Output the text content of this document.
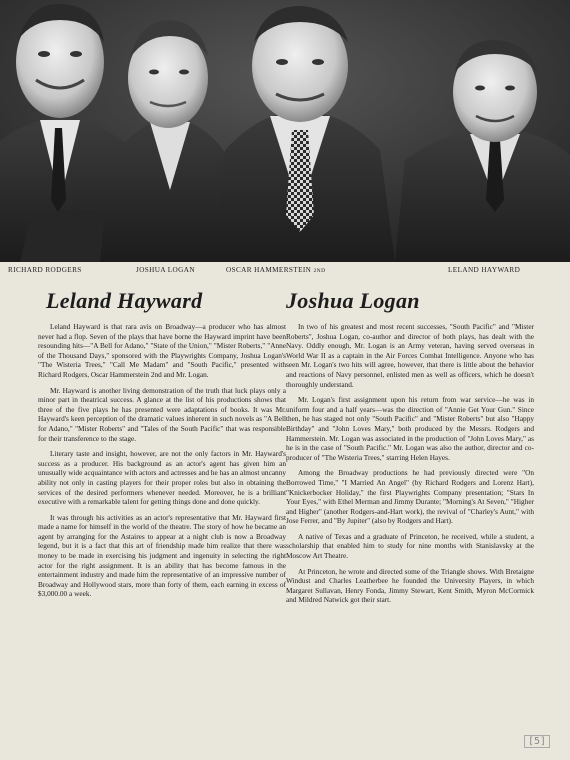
RICHARD RODGERS	JOSHUA LOGAN	OSCAR HAMMERSTEIN 2ND	LELAND HAYWARD
Leland Hayward

Leland Hayward is that rara avis on Broadway—a producer who has almost never had a flop. Seven of the plays that have borne the Hayward imprint have been resounding hits—"A Bell for Adano," "State of the Union," "Mister Roberts," "Anne of the Thousand Days," sponsored with the Playwrights Company, Joshua Logan's "The Wisteria Trees," "Call Me Madam" and "South Pacific," presented with Richard Rodgers, Oscar Hammerstein 2nd and Mr. Logan.

Mr. Hayward is another living demonstration of the truth that luck plays only a minor part in theatrical success. A glance at the list of his productions shows that three of the five plays he has presented were adaptations of books. It was Mr. Hayward's keen perception of the dramatic values inherent in such novels as "A Bell for Adano," "Mister Roberts" and "Tales of the South Pacific" that was responsible for their transference to the stage.

Literary taste and insight, however, are not the only factors in Mr. Hayward's success as a producer. His background as an actor's agent has given him an unusually wide acquaintance with actors and actresses and he has an almost uncanny ability not only in casting players for their proper roles but also in obtaining the services of the desired performers whenever needed. Moreover, he is a brilliant executive with a remarkable talent for getting things done and done quickly.

It was through his activities as an actor's representative that Mr. Hayward first made a name for himself in the world of the theatre. The story of how he became an agent by arranging for the Astaires to appear at a night club is now a Broadway legend, but it is a fact that this art of friendship made him realize that there was money to be made in exercising his judgment and ingenuity in selecting the right actor for the right assignment. It is an ability that has become famous in the entertainment industry and made him the representative of an impressive number of Broadway and Hollywood stars, more than forty of them, each earning in excess of $3,000.00 a week.

Joshua Logan

In two of his greatest and most recent successes, "South Pacific" and "Mister Roberts", Joshua Logan, co-author and director of both plays, has dealt with the Navy. Oddly enough, Mr. Logan is an Army veteran, having served overseas in World War II as a captain in the Air Forces Combat Intelligence. Anyone who has seen Mr. Logan's two hits will agree, however, that there is little about the behavior and reactions of Navy personnel, enlisted men as well as officers, which he doesn't thoroughly understand.

Mr. Logan's first assignment upon his return from war service—he was in uniform four and a half years—was the direction of "Annie Get Your Gun." Since then, he has staged not only "South Pacific" and "Mister Roberts" but also "Happy Birthday" and "John Loves Mary," both produced by the Messrs. Rodgers and Hammerstein. Mr. Logan was associated in the production of "John Loves Mary," as he is in the case of "South Pacific." Mr. Logan was also the author, director and co-producer of "The Wisteria Trees," starring Helen Hayes.

Among the Broadway productions he had previously directed were "On Borrowed Time," "I Married An Angel" (by Richard Rodgers and Lorenz Hart), "Knickerbocker Holiday," the first Playwrights Company presentation; "Stars In Your Eyes," with Ethel Merman and Jimmy Durante; "Morning's At Seven," "Higher and Higher" (another Rodgers-and-Hart work), the revival of "Charley's Aunt," with Jose Ferrer, and "By Jupiter" (also by Rodgers and Hart).

A native of Texas and a graduate of Princeton, he received, while a student, a scholarship that enabled him to study for nine months with Stanislavsky at the Moscow Art Theatre.

At Princeton, he wrote and directed some of the Triangle shows. With Bretaigne Windust and Charles Leatherbee he founded the University Players, in which Margaret Sullavan, Henry Fonda, Jimmy Stewart, Kent Smith, Myron McCormick and Mildred Natwick got their start.

[5]
